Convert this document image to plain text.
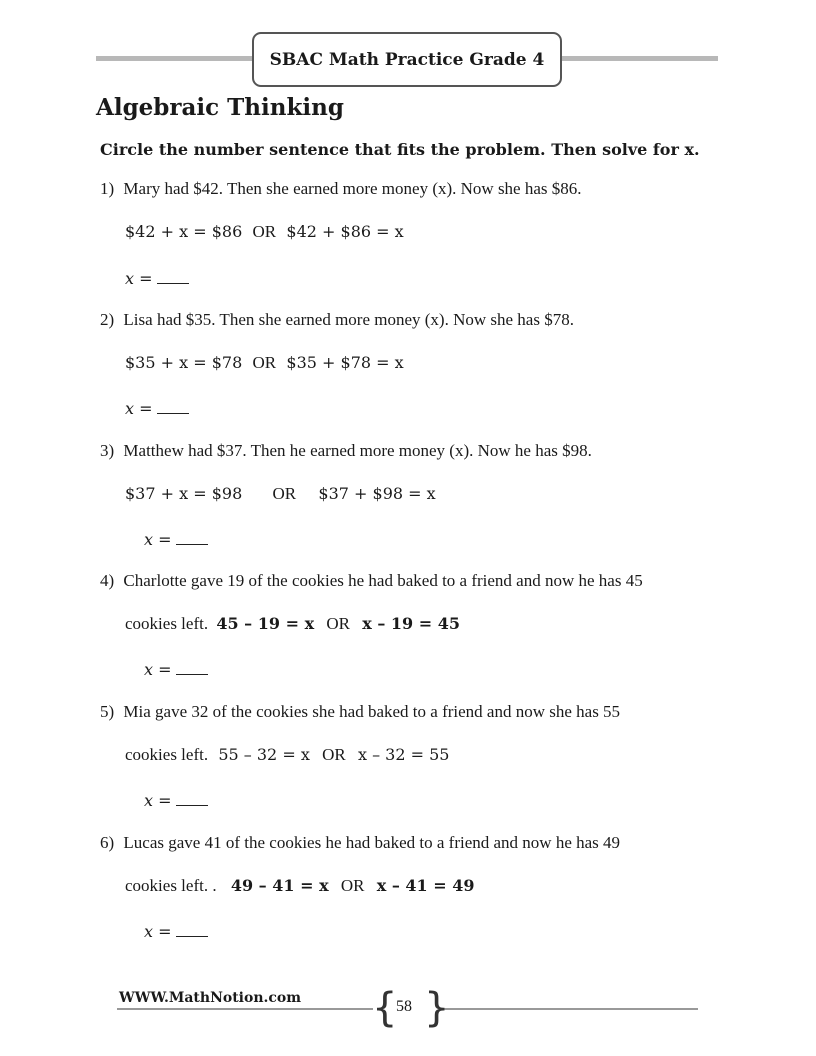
SBAC Math Practice Grade 4
Algebraic Thinking
Circle the number sentence that fits the problem. Then solve for x.
1) Mary had $42. Then she earned more money (x). Now she has $86.
$42 + x = $86 OR $42 + $86 = x
x =
2) Lisa had $35. Then she earned more money (x). Now she has $78.
$35 + x = $78 OR $35 + $78 = x
x =
3) Matthew had $37. Then he earned more money (x). Now he has $98.
$37 + x = $98 OR $37 + $98 = x
x =
4) Charlotte gave 19 of the cookies he had baked to a friend and now he has 45
cookies left. 45 – 19 = x OR x – 19 = 45
x =
5) Mia gave 32 of the cookies she had baked to a friend and now she has 55
cookies left. 55 – 32 = x OR x – 32 = 55
x =
6) Lucas gave 41 of the cookies he had baked to a friend and now he has 49
cookies left. . 49 – 41 = x OR x – 41 = 49
x =
WWW.MathNotion.com { }
58
